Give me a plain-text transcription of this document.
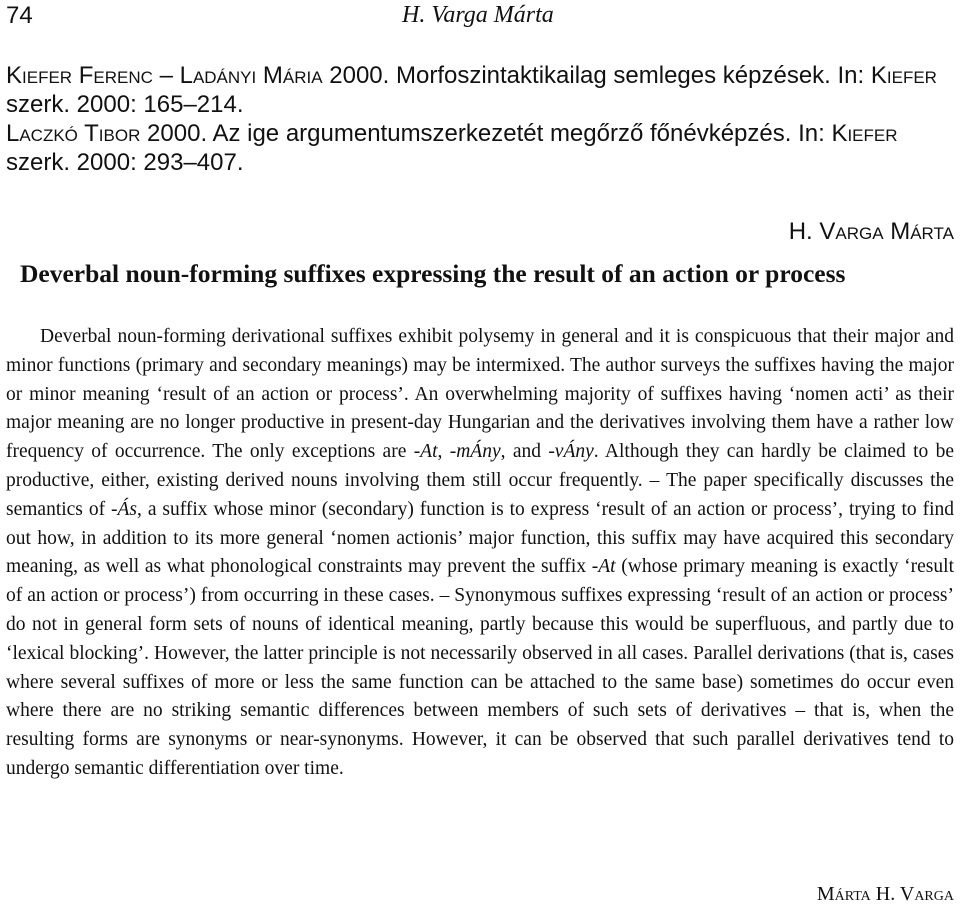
74	H. Varga Márta

Kiefer Ferenc – Ladányi Mária 2000. Morfoszintaktikailag semleges képzések. In: Kiefer szerk. 2000: 165–214.

Laczkó Tibor 2000. Az ige argumentumszerkezetét megőrző főnévképzés. In: Kiefer szerk. 2000: 293–407.

H. Varga Márta
Deverbal noun-forming suffixes expressing the result of an action or process

Deverbal noun-forming derivational suffixes exhibit polysemy in general and it is conspicuous that their major and minor functions (primary and secondary meanings) may be intermixed. The author surveys the suffixes having the major or minor meaning ‘result of an action or process’. An overwhelming majority of suffixes having ‘nomen acti’ as their major meaning are no longer productive in present-day Hungarian and the derivatives involving them have a rather low frequency of occurrence. The only exceptions are -At, -mÁny, and -vÁny. Although they can hardly be claimed to be productive, either, existing derived nouns involving them still occur frequently. – The paper specifically discusses the semantics of -Ás, a suffix whose minor (secondary) function is to express ‘result of an action or process’, trying to find out how, in addition to its more general ‘nomen actionis’ major function, this suffix may have acquired this secondary meaning, as well as what phonological constraints may prevent the suffix -At (whose primary meaning is exactly ‘result of an action or process’) from occurring in these cases. – Synonymous suffixes expressing ‘result of an action or process’ do not in general form sets of nouns of identical meaning, partly because this would be superfluous, and partly due to ‘lexical blocking’. However, the latter principle is not necessarily observed in all cases. Parallel derivations (that is, cases where several suffixes of more or less the same function can be attached to the same base) sometimes do occur even where there are no striking semantic differences between members of such sets of derivatives – that is, when the resulting forms are synonyms or near-synonyms. However, it can be observed that such parallel derivatives tend to undergo semantic differentiation over time.

Márta H. Varga
